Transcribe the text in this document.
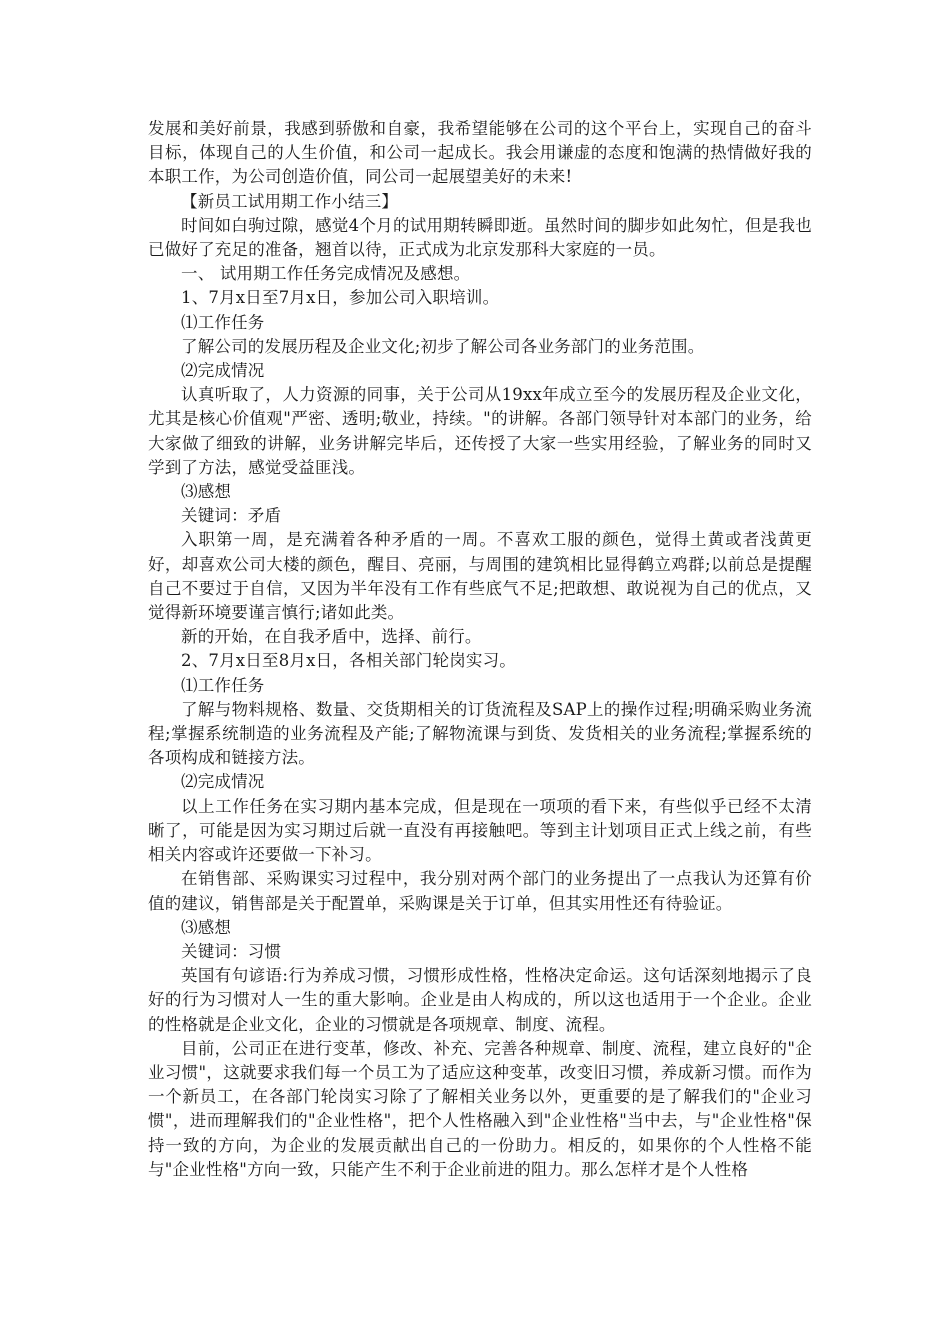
发展和美好前景，我感到骄傲和自豪，我希望能够在公司的这个平台上，实现自己的奋斗目标，体现自己的人生价值，和公司一起成长。我会用谦虚的态度和饱满的热情做好我的本职工作，为公司创造价值，同公司一起展望美好的未来!

【新员工试用期工作小结三】

时间如白驹过隙，感觉4个月的试用期转瞬即逝。虽然时间的脚步如此匆忙，但是我也已做好了充足的准备，翘首以待，正式成为北京发那科大家庭的一员。

一、 试用期工作任务完成情况及感想。

1、7月x日至7月x日，参加公司入职培训。

⑴工作任务

了解公司的发展历程及企业文化;初步了解公司各业务部门的业务范围。

⑵完成情况

认真听取了，人力资源的同事，关于公司从19xx年成立至今的发展历程及企业文化，尤其是核心价值观"严密、透明;敬业，持续。"的讲解。各部门领导针对本部门的业务，给大家做了细致的讲解，业务讲解完毕后，还传授了大家一些实用经验，了解业务的同时又学到了方法，感觉受益匪浅。

⑶感想

关键词：矛盾

入职第一周，是充满着各种矛盾的一周。不喜欢工服的颜色，觉得土黄或者浅黄更好，却喜欢公司大楼的颜色，醒目、亮丽，与周围的建筑相比显得鹤立鸡群;以前总是提醒自己不要过于自信，又因为半年没有工作有些底气不足;把敢想、敢说视为自己的优点，又觉得新环境要谨言慎行;诸如此类。

新的开始，在自我矛盾中，选择、前行。

2、7月x日至8月x日，各相关部门轮岗实习。

⑴工作任务

了解与物料规格、数量、交货期相关的订货流程及SAP上的操作过程;明确采购业务流程;掌握系统制造的业务流程及产能;了解物流课与到货、发货相关的业务流程;掌握系统的各项构成和链接方法。

⑵完成情况

以上工作任务在实习期内基本完成，但是现在一项项的看下来，有些似乎已经不太清晰了，可能是因为实习期过后就一直没有再接触吧。等到主计划项目正式上线之前，有些相关内容或许还要做一下补习。

在销售部、采购课实习过程中，我分别对两个部门的业务提出了一点我认为还算有价值的建议，销售部是关于配置单，采购课是关于订单，但其实用性还有待验证。

⑶感想

关键词：习惯

英国有句谚语:行为养成习惯，习惯形成性格，性格决定命运。这句话深刻地揭示了良好的行为习惯对人一生的重大影响。企业是由人构成的，所以这也适用于一个企业。企业的性格就是企业文化，企业的习惯就是各项规章、制度、流程。

目前，公司正在进行变革，修改、补充、完善各种规章、制度、流程，建立良好的"企业习惯"，这就要求我们每一个员工为了适应这种变革，改变旧习惯，养成新习惯。而作为一个新员工，在各部门轮岗实习除了了解相关业务以外，更重要的是了解我们的"企业习惯"，进而理解我们的"企业性格"，把个人性格融入到"企业性格"当中去，与"企业性格"保持一致的方向，为企业的发展贡献出自己的一份助力。相反的，如果你的个人性格不能与"企业性格"方向一致，只能产生不利于企业前进的阻力。那么怎样才是个人性格
